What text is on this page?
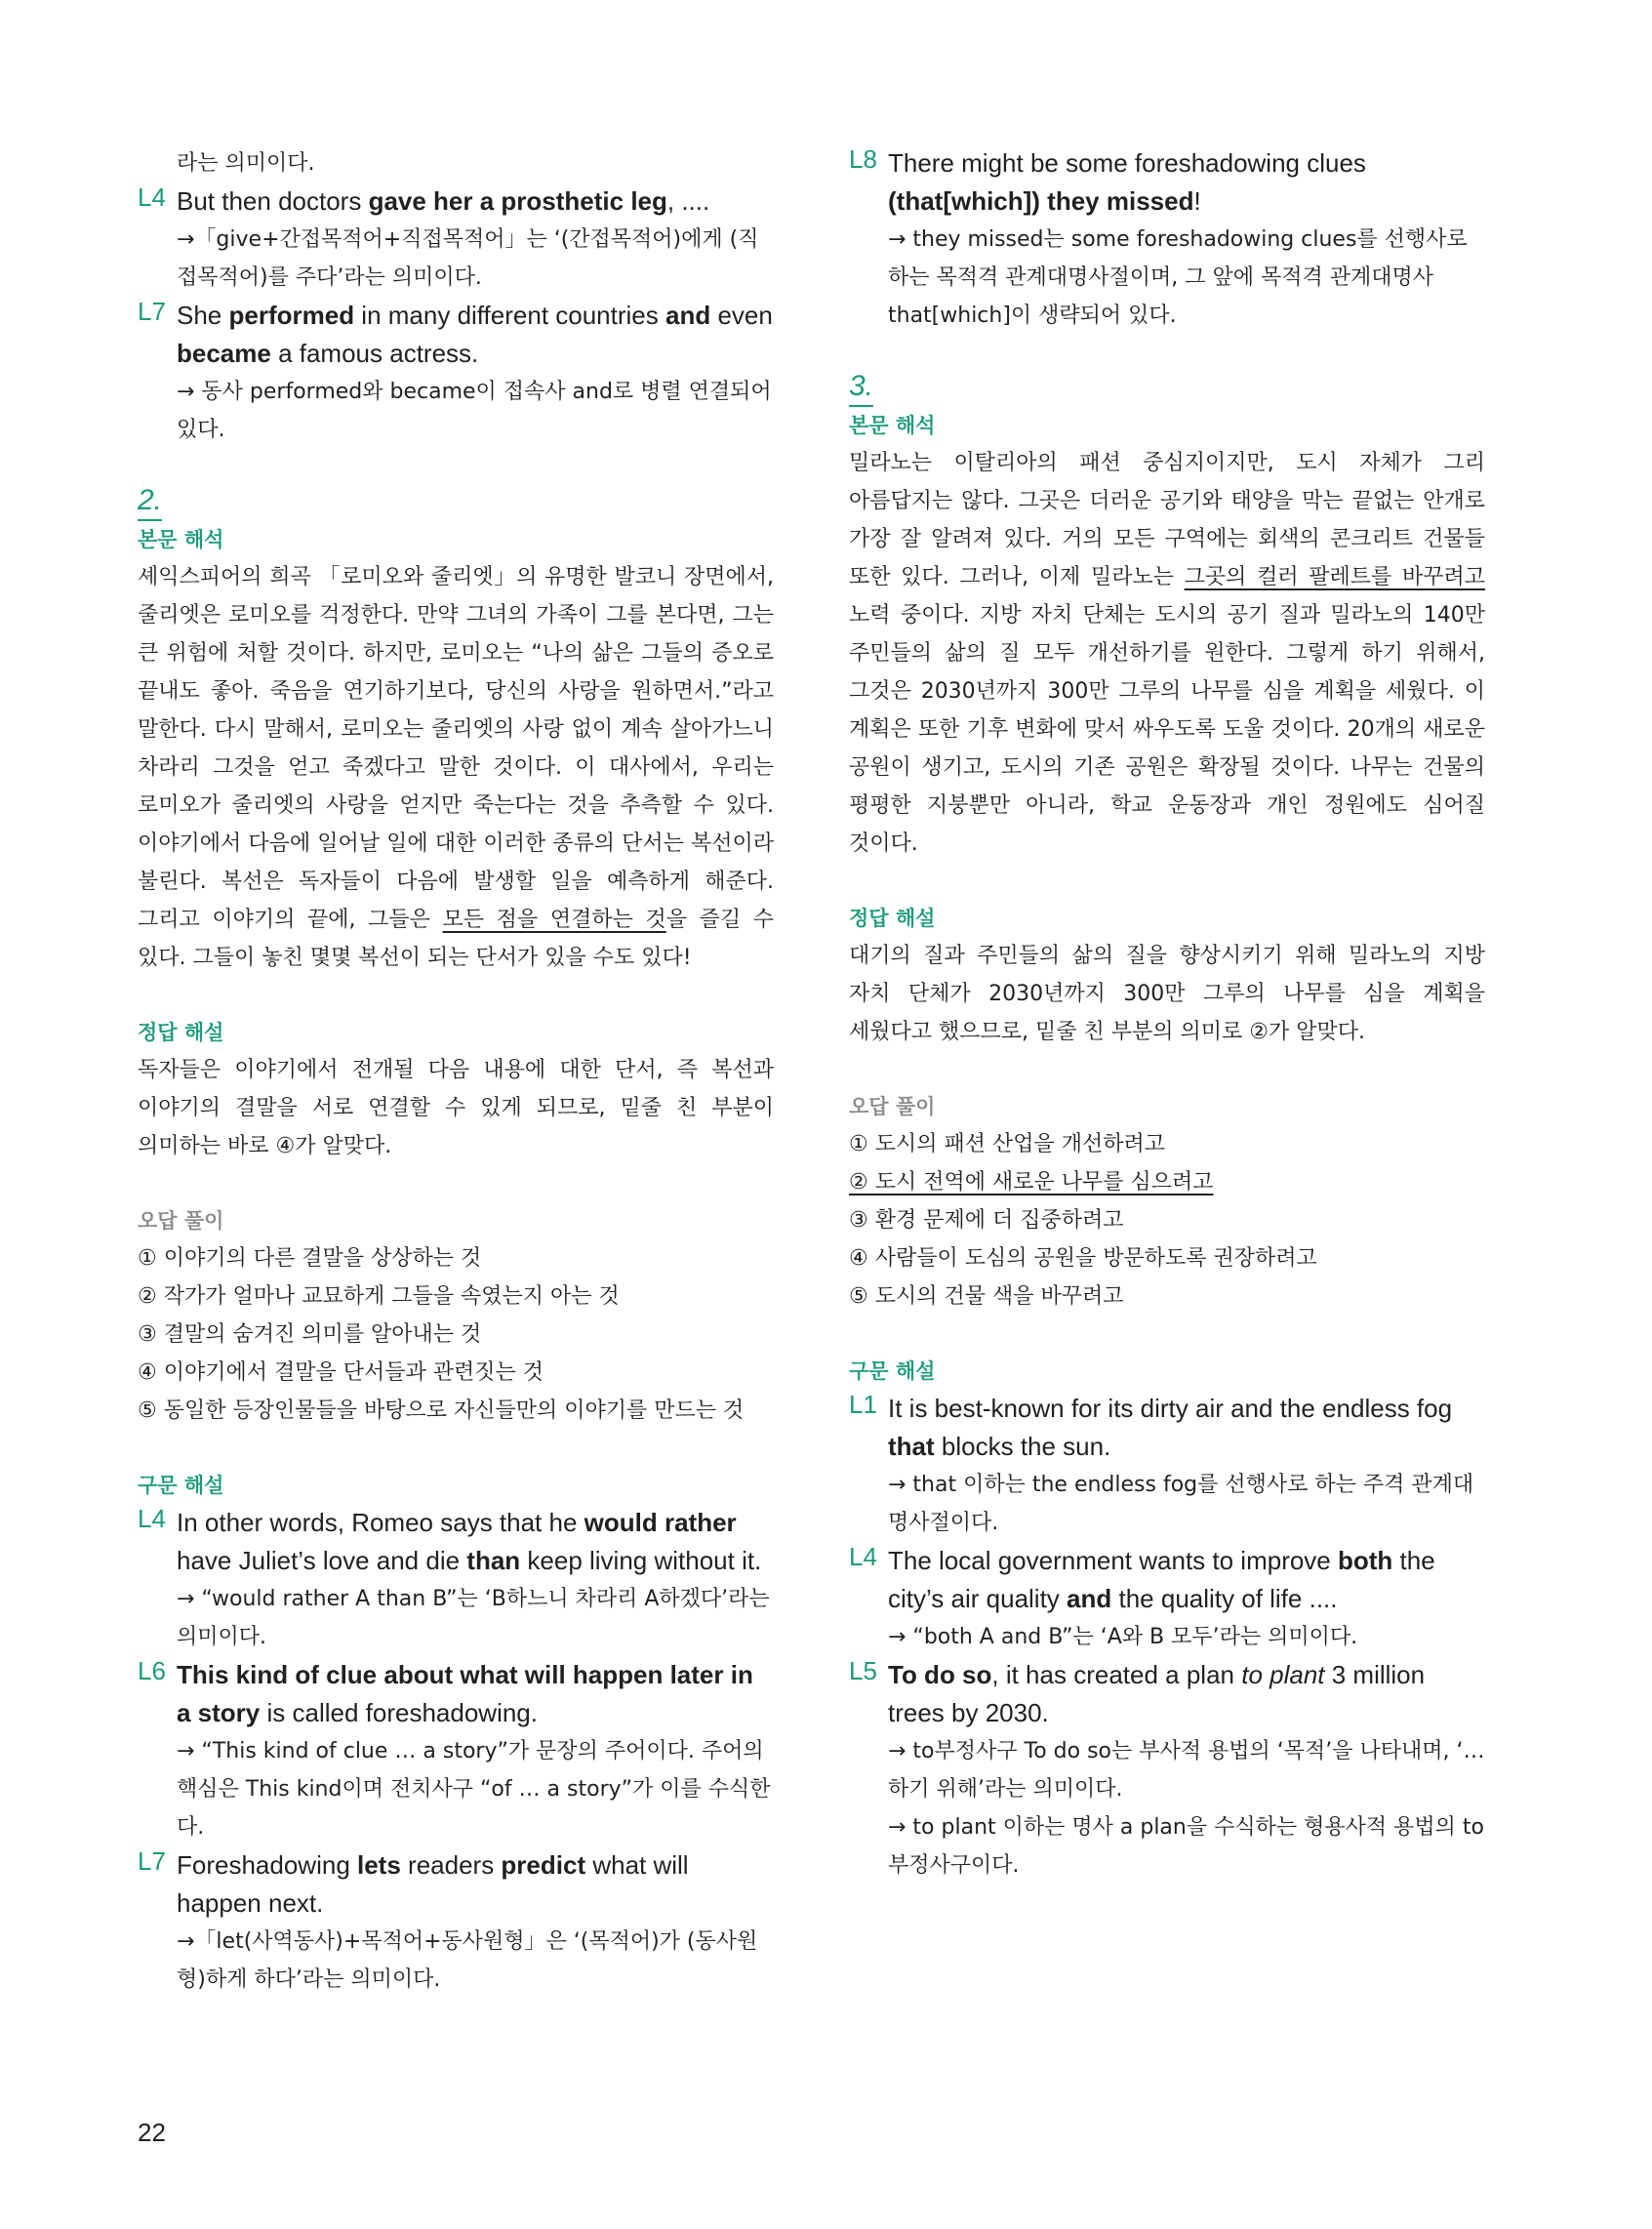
라는 의미이다.

L4 But then doctors gave her a prosthetic leg, ....

→「give+간접목적어+직접목적어」는 ‘(간접목적어)에게 (직접목적어)를 주다’라는 의미이다.

L7 She performed in many different countries and even became a famous actress.

→ 동사 performed와 became이 접속사 and로 병렬 연결되어 있다.

2.
본문 해석

셰익스피어의 희곡 「로미오와 줄리엣」의 유명한 발코니 장면에서, 줄리엣은 로미오를 걱정한다. 만약 그녀의 가족이 그를 본다면, 그는 큰 위험에 처할 것이다. 하지만, 로미오는 “나의 삶은 그들의 증오로 끝내도 좋아. 죽음을 연기하기보다, 당신의 사랑을 원하면서.”라고 말한다. 다시 말해서, 로미오는 줄리엣의 사랑 없이 계속 살아가느니 차라리 그것을 얻고 죽겠다고 말한 것이다. 이 대사에서, 우리는 로미오가 줄리엣의 사랑을 얻지만 죽는다는 것을 추측할 수 있다. 이야기에서 다음에 일어날 일에 대한 이러한 종류의 단서는 복선이라 불린다. 복선은 독자들이 다음에 발생할 일을 예측하게 해준다. 그리고 이야기의 끝에, 그들은 모든 점을 연결하는 것을 즐길 수 있다. 그들이 놓친 몇몇 복선이 되는 단서가 있을 수도 있다!

정답 해설

독자들은 이야기에서 전개될 다음 내용에 대한 단서, 즉 복선과 이야기의 결말을 서로 연결할 수 있게 되므로, 밑줄 친 부분이 의미하는 바로 ④가 알맞다.

오답 풀이

① 이야기의 다른 결말을 상상하는 것

② 작가가 얼마나 교묘하게 그들을 속였는지 아는 것

③ 결말의 숨겨진 의미를 알아내는 것

④ 이야기에서 결말을 단서들과 관련짓는 것

⑤ 동일한 등장인물들을 바탕으로 자신들만의 이야기를 만드는 것

구문 해설
L4 In other words, Romeo says that he would rather have Juliet’s love and die than keep living without it.

→ “would rather A than B”는 ‘B하느니 차라리 A하겠다’라는 의미이다.

L6 This kind of clue about what will happen later in a story is called foreshadowing.

→ “This kind of clue … a story”가 문장의 주어이다. 주어의 핵심은 This kind이며 전치사구 “of … a story”가 이를 수식한다.

L7 Foreshadowing lets readers predict what will happen next.

→「let(사역동사)+목적어+동사원형」은 ‘(목적어)가 (동사원형)하게 하다’라는 의미이다.

L8 There might be some foreshadowing clues (that[which]) they missed!

→ they missed는 some foreshadowing clues를 선행사로 하는 목적격 관계대명사절이며, 그 앞에 목적격 관계대명사 that[which]이 생략되어 있다.

3.
본문 해석

밀라노는 이탈리아의 패션 중심지이지만, 도시 자체가 그리 아름답지는 않다. 그곳은 더러운 공기와 태양을 막는 끝없는 안개로 가장 잘 알려져 있다. 거의 모든 구역에는 회색의 콘크리트 건물들 또한 있다. 그러나, 이제 밀라노는 그곳의 컬러 팔레트를 바꾸려고 노력 중이다. 지방 자치 단체는 도시의 공기 질과 밀라노의 140만 주민들의 삶의 질 모두 개선하기를 원한다. 그렇게 하기 위해서, 그것은 2030년까지 300만 그루의 나무를 심을 계획을 세웠다. 이 계획은 또한 기후 변화에 맞서 싸우도록 도울 것이다. 20개의 새로운 공원이 생기고, 도시의 기존 공원은 확장될 것이다. 나무는 건물의 평평한 지붕뿐만 아니라, 학교 운동장과 개인 정원에도 심어질 것이다.

정답 해설

대기의 질과 주민들의 삶의 질을 향상시키기 위해 밀라노의 지방 자치 단체가 2030년까지 300만 그루의 나무를 심을 계획을 세웠다고 했으므로, 밑줄 친 부분의 의미로 ②가 알맞다.

오답 풀이

① 도시의 패션 산업을 개선하려고

② 도시 전역에 새로운 나무를 심으려고

③ 환경 문제에 더 집중하려고

④ 사람들이 도심의 공원을 방문하도록 권장하려고

⑤ 도시의 건물 색을 바꾸려고

구문 해설
L1 It is best-known for its dirty air and the endless fog that blocks the sun.

→ that 이하는 the endless fog를 선행사로 하는 주격 관계대명사절이다.

L4 The local government wants to improve both the city’s air quality and the quality of life ....

→ “both A and B”는 ‘A와 B 모두’라는 의미이다.

L5 To do so, it has created a plan to plant 3 million trees by 2030.

→ to부정사구 To do so는 부사적 용법의 ‘목적’을 나타내며, ‘…하기 위해’라는 의미이다.

→ to plant 이하는 명사 a plan을 수식하는 형용사적 용법의 to부정사구이다.

22
